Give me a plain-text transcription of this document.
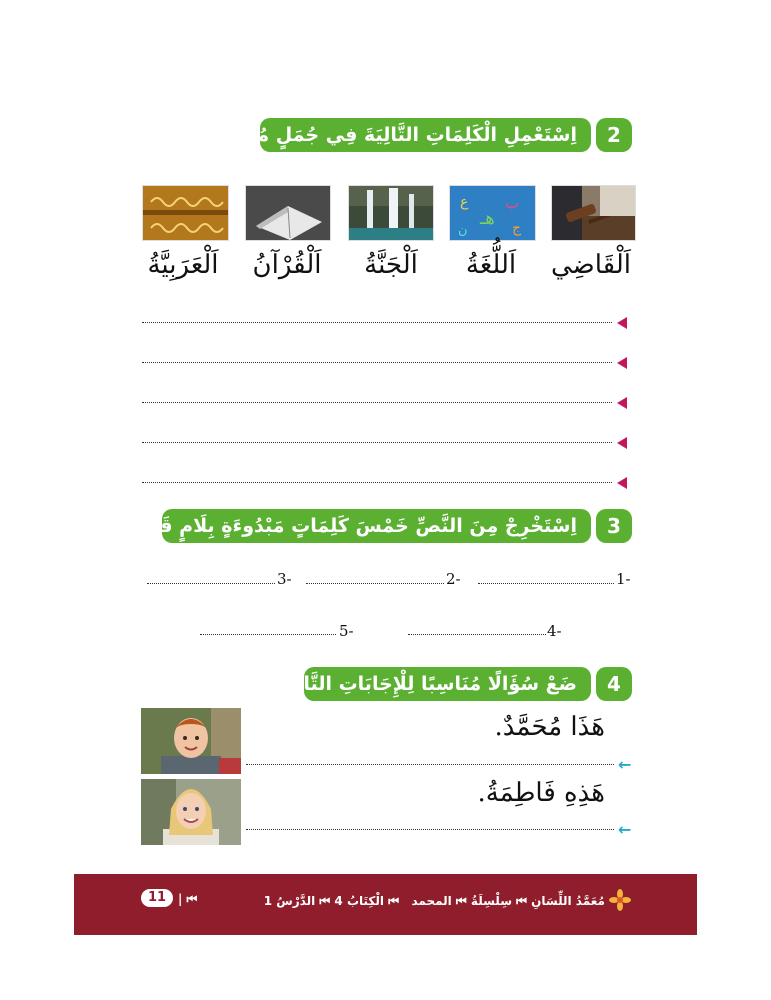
2
اِسْتَعْمِلِ الْكَلِمَاتِ التَّالِيَةَ فِي جُمَلٍ مُفِيدَةٍ
ع
هـ
ب
ج
ن
اَلْقَاضِي
اَللُّغَةُ
اَلْجَنَّةُ
اَلْقُرْآنُ
اَلْعَرَبِيَّةُ
3
اِسْتَخْرِجْ مِنَ النَّصِّ خَمْسَ كَلِمَاتٍ مَبْدُوءَةٍ بِلَامٍ قَمَرِيَّةٍ
1-
2-
3-
4-
5-
4
ضَعْ سُؤَالًا مُنَاسِبًا لِلْإِجَابَاتِ التَّالِيَةِ
هَذَا مُحَمَّدٌ.
←
هَذِهِ فَاطِمَةُ.
←
مُعَمَّدُ اللِّسَانِ ⏮ سِلْسِلَةُ ⏮ المحمد
⏮ الْكِتَابُ 4 ⏮ الدَّرْسُ 1
⏮ |
11
